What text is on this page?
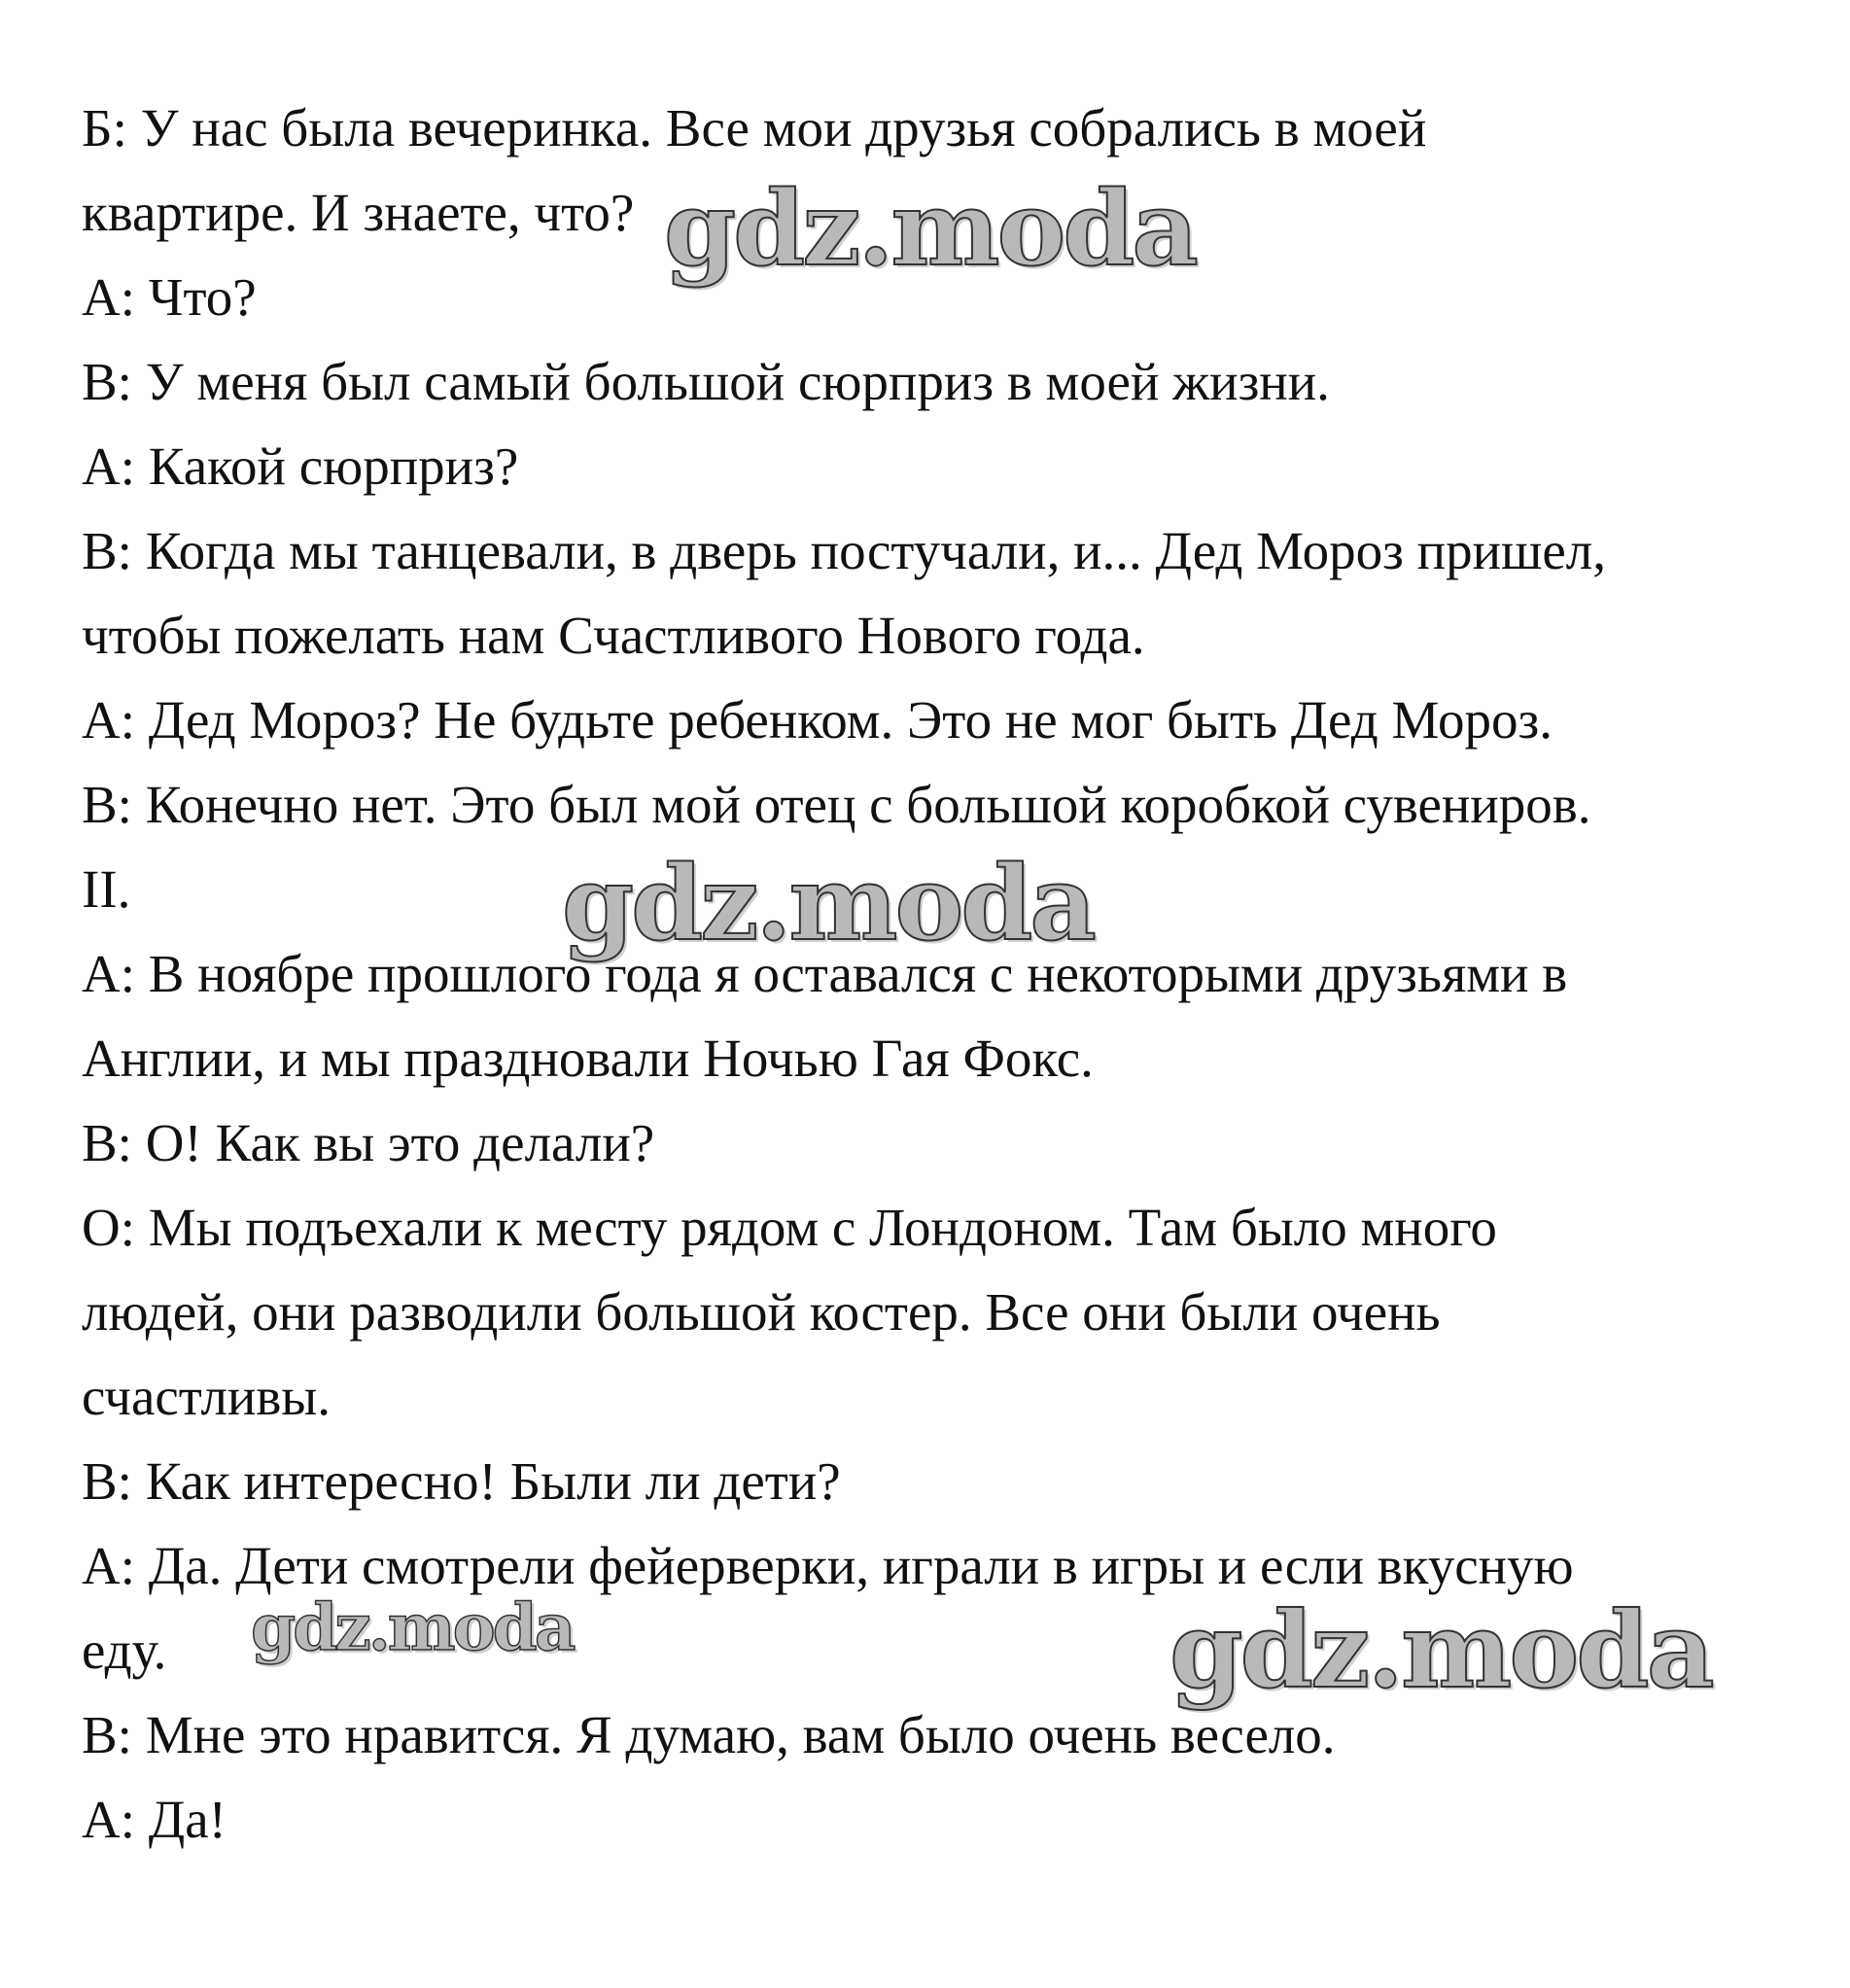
Б: У нас была вечеринка. Все мои друзья собрались в моей
квартире. И знаете, что?
А: Что?
В: У меня был самый большой сюрприз в моей жизни.
А: Какой сюрприз?
В: Когда мы танцевали, в дверь постучали, и... Дед Мороз пришел,
чтобы пожелать нам Счастливого Нового года.
А: Дед Мороз? Не будьте ребенком. Это не мог быть Дед Мороз.
В: Конечно нет. Это был мой отец с большой коробкой сувениров.
II.
А: В ноябре прошлого года я оставался с некоторыми друзьями в
Англии, и мы праздновали Ночью Гая Фокс.
В: О! Как вы это делали?
О: Мы подъехали к месту рядом с Лондоном. Там было много
людей, они разводили большой костер. Все они были очень
счастливы.
В: Как интересно! Были ли дети?
А: Да. Дети смотрели фейерверки, играли в игры и если вкусную
еду.
В: Мне это нравится. Я думаю, вам было очень весело.
А: Да!
gdz.moda
gdz.moda
gdz.moda	gdz.moda
